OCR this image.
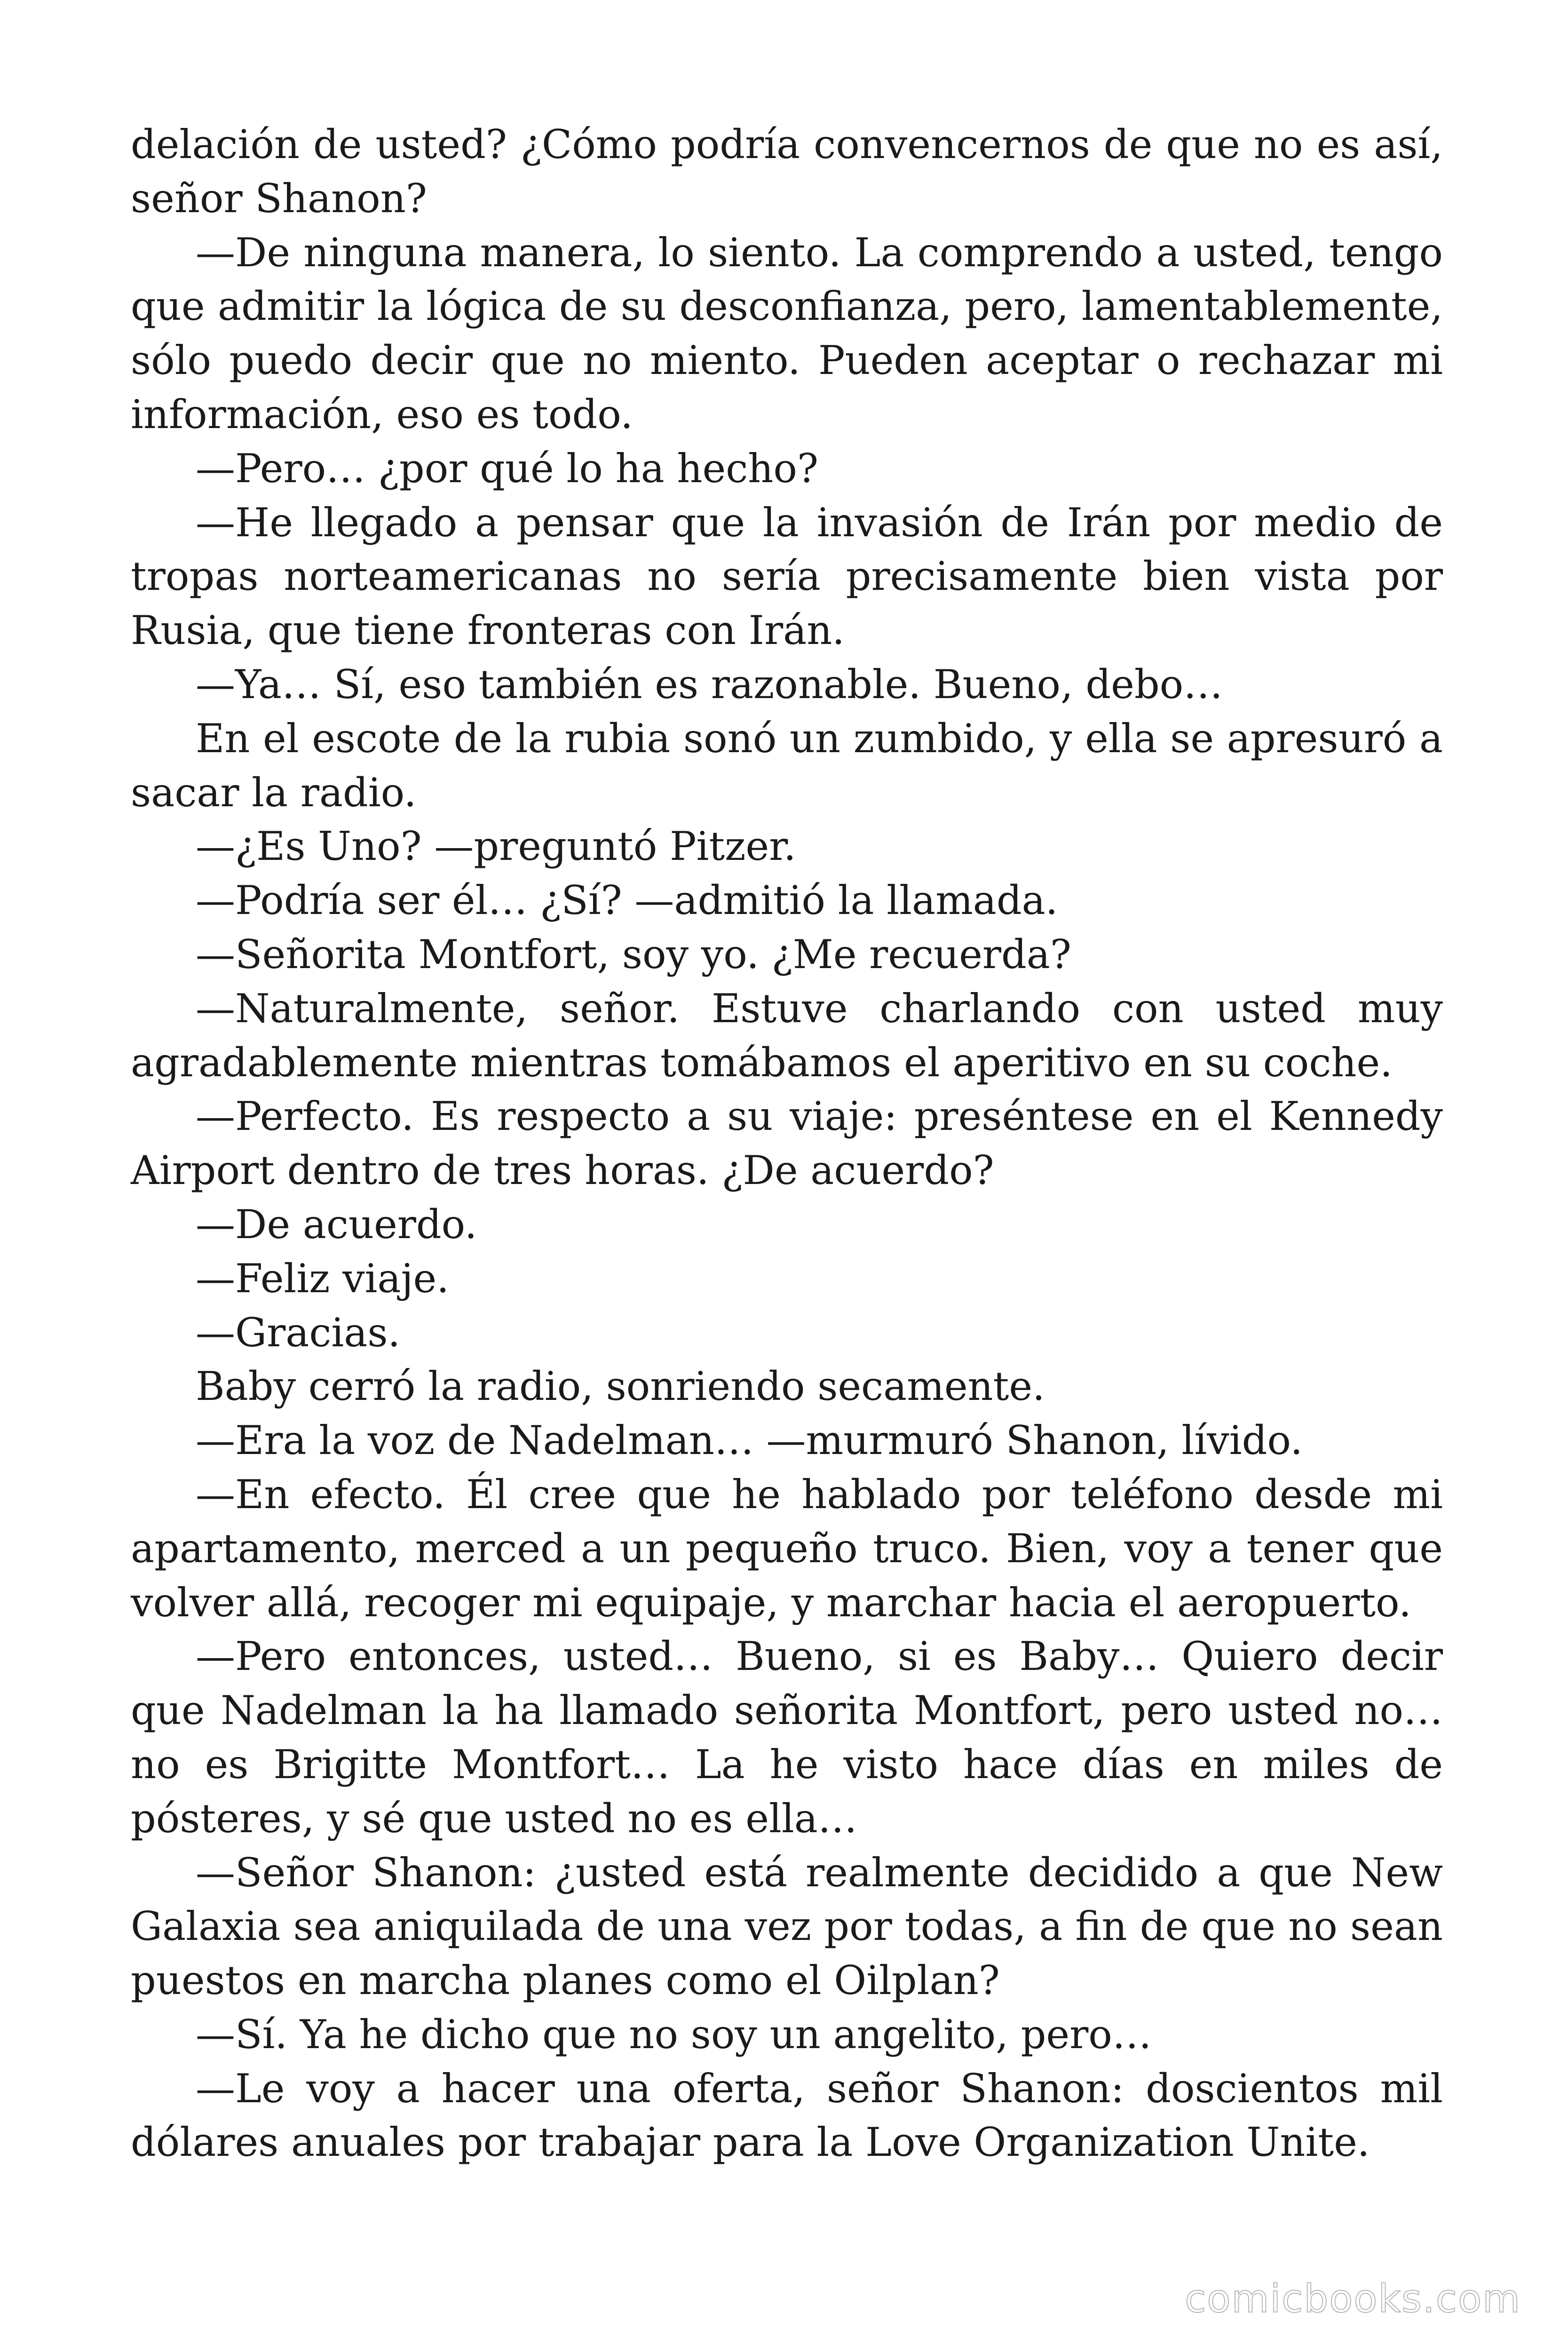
delación de usted? ¿Cómo podría convencernos de que no es así, señor Shanon?

—De ninguna manera, lo siento. La comprendo a usted, tengo que admitir la lógica de su desconfianza, pero, lamentablemente, sólo puedo decir que no miento. Pueden aceptar o rechazar mi información, eso es todo.

—Pero… ¿por qué lo ha hecho?

—He llegado a pensar que la invasión de Irán por medio de tropas norteamericanas no sería precisamente bien vista por Rusia, que tiene fronteras con Irán.

—Ya… Sí, eso también es razonable. Bueno, debo…

En el escote de la rubia sonó un zumbido, y ella se apresuró a sacar la radio.

—¿Es Uno? —preguntó Pitzer.

—Podría ser él… ¿Sí? —admitió la llamada.

—Señorita Montfort, soy yo. ¿Me recuerda?

—Naturalmente, señor. Estuve charlando con usted muy agradablemente mientras tomábamos el aperitivo en su coche.

—Perfecto. Es respecto a su viaje: preséntese en el Kennedy Airport dentro de tres horas. ¿De acuerdo?

—De acuerdo.

—Feliz viaje.

—Gracias.

Baby cerró la radio, sonriendo secamente.

—Era la voz de Nadelman… —murmuró Shanon, lívido.

—En efecto. Él cree que he hablado por teléfono desde mi apartamento, merced a un pequeño truco. Bien, voy a tener que volver allá, recoger mi equipaje, y marchar hacia el aeropuerto.

—Pero entonces, usted… Bueno, si es Baby… Quiero decir que Nadelman la ha llamado señorita Montfort, pero usted no… no es Brigitte Montfort… La he visto hace días en miles de pósteres, y sé que usted no es ella…

—Señor Shanon: ¿usted está realmente decidido a que New Galaxia sea aniquilada de una vez por todas, a fin de que no sean puestos en marcha planes como el Oilplan?

—Sí. Ya he dicho que no soy un angelito, pero…

—Le voy a hacer una oferta, señor Shanon: doscientos mil dólares anuales por trabajar para la Love Organization Unite.

comicbooks.com
